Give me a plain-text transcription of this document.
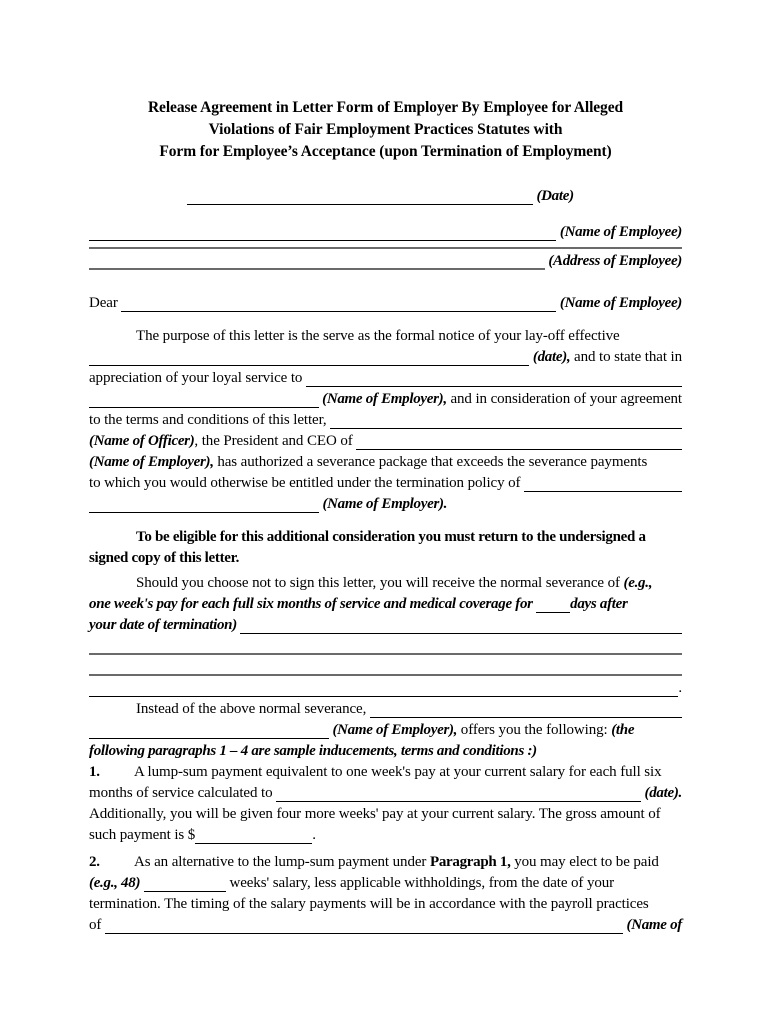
Release Agreement in Letter Form of Employer By Employee for Alleged
Violations of Fair Employment Practices Statutes with
Form for Employee’s Acceptance (upon Termination of Employment)
(Date)
(Name of Employee)
(Address of Employee)
Dear	(Name of Employee)
The purpose of this letter is the serve as the formal notice of your lay-off effective
(date), and to state that in
appreciation of your loyal service to
(Name of Employer), and in consideration of your agreement
to the terms and conditions of this letter,
(Name of Officer) , the President and CEO of
(Name of Employer), has authorized a severance package that exceeds the severance payments
to which you would otherwise be entitled under the termination policy of
(Name of Employer).
To be eligible for this additional consideration you must return to the undersigned a
signed copy of this letter.
Should you choose not to sign this letter, you will receive the normal severance of (e.g.,
one week's pay for each full six months of service and medical coverage for days after
your date of termination)
.
Instead of the above normal severance,
(Name of Employer), offers you the following: (the
following paragraphs 1 – 4 are sample inducements, terms and conditions :)
1.	A lump-sum payment equivalent to one week's pay at your current salary for each full six
months of service calculated to	(date).
Additionally, you will be given four more weeks' pay at your current salary. The gross amount of
such payment is $	.
2.	As an alternative to the lump-sum payment under Paragraph 1, you may elect to be paid
(e.g., 48)
	weeks' salary, less applicable withholdings, from the date of your
termination. The timing of the salary payments will be in accordance with the payroll practices
of	(Name of
